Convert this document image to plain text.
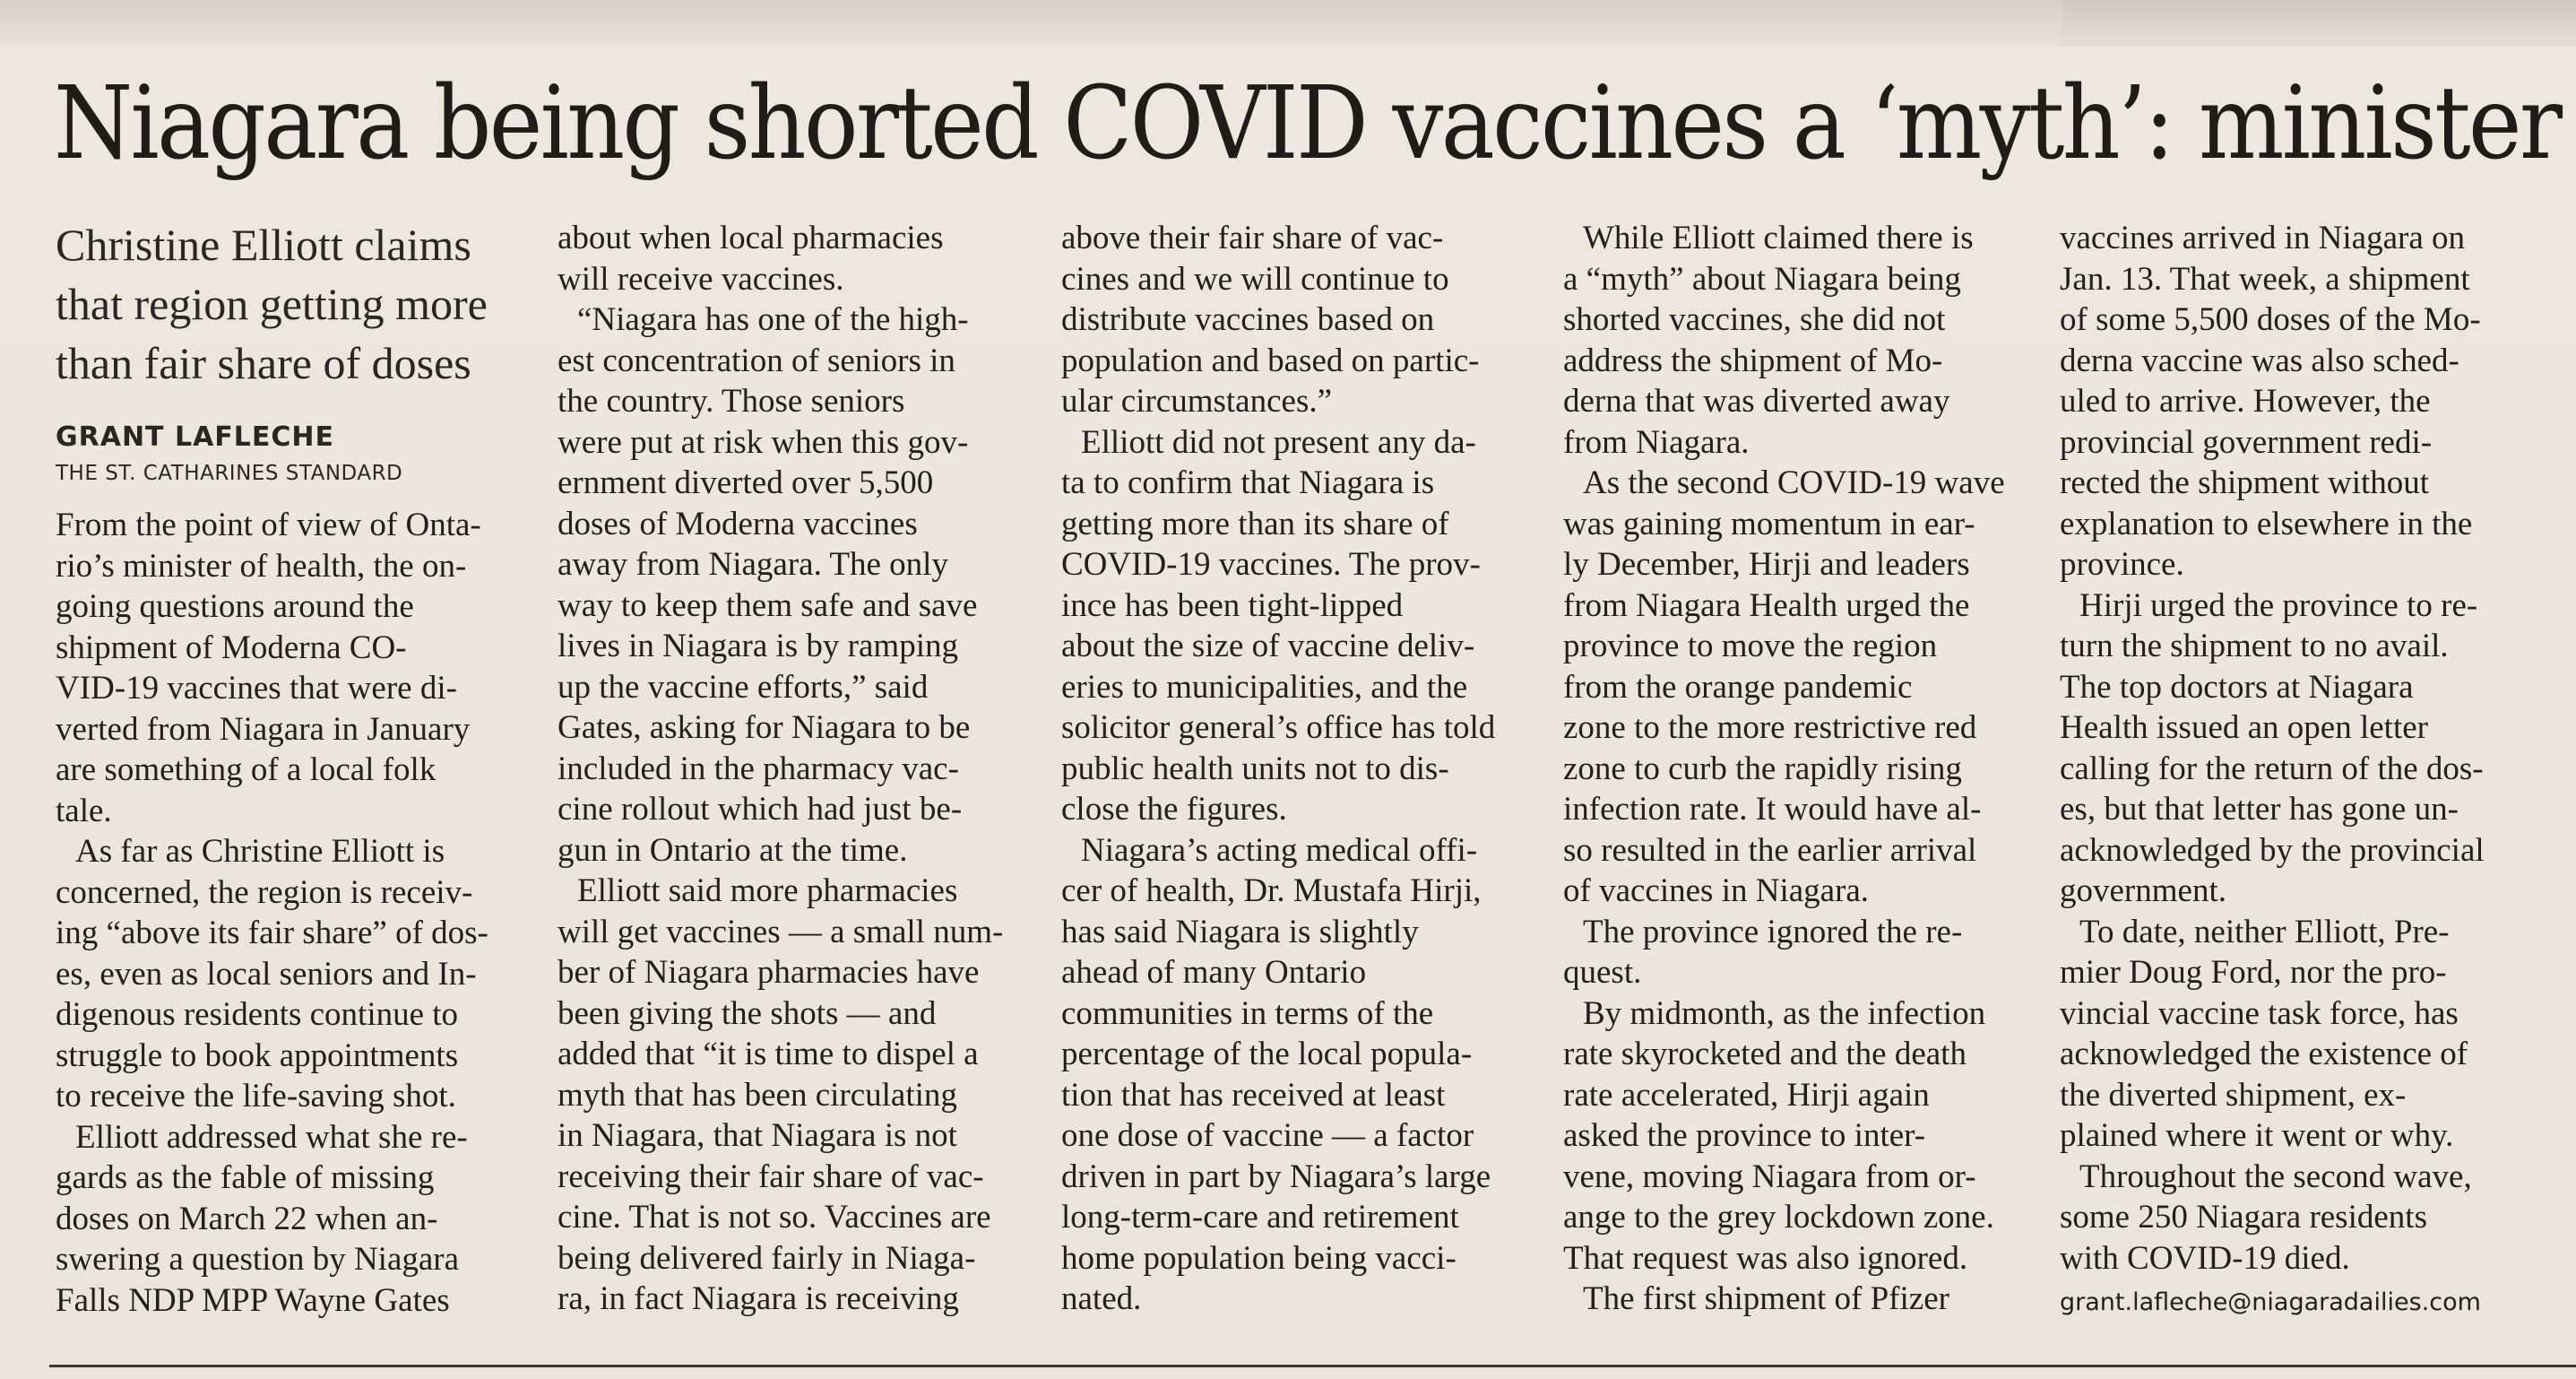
Niagara being shorted COVID vaccines a ‘myth’: minister
Christine Elliott claims
that region getting more
than fair share of doses
GRANT LAFLECHE
THE ST. CATHARINES STANDARD
From the point of view of Onta-
rio’s minister of health, the on-
going questions around the
shipment of Moderna CO-
VID-19 vaccines that were di-
verted from Niagara in January
are something of a local folk
tale.
As far as Christine Elliott is
concerned, the region is receiv-
ing “above its fair share” of dos-
es, even as local seniors and In-
digenous residents continue to
struggle to book appointments
to receive the life-saving shot.
Elliott addressed what she re-
gards as the fable of missing
doses on March 22 when an-
swering a question by Niagara
Falls NDP MPP Wayne Gates
about when local pharmacies
will receive vaccines.
“Niagara has one of the high-
est concentration of seniors in
the country. Those seniors
were put at risk when this gov-
ernment diverted over 5,500
doses of Moderna vaccines
away from Niagara. The only
way to keep them safe and save
lives in Niagara is by ramping
up the vaccine efforts,” said
Gates, asking for Niagara to be
included in the pharmacy vac-
cine rollout which had just be-
gun in Ontario at the time.
Elliott said more pharmacies
will get vaccines — a small num-
ber of Niagara pharmacies have
been giving the shots — and
added that “it is time to dispel a
myth that has been circulating
in Niagara, that Niagara is not
receiving their fair share of vac-
cine. That is not so. Vaccines are
being delivered fairly in Niaga-
ra, in fact Niagara is receiving
above their fair share of vac-
cines and we will continue to
distribute vaccines based on
population and based on partic-
ular circumstances.”
Elliott did not present any da-
ta to confirm that Niagara is
getting more than its share of
COVID-19 vaccines. The prov-
ince has been tight-lipped
about the size of vaccine deliv-
eries to municipalities, and the
solicitor general’s office has told
public health units not to dis-
close the figures.
Niagara’s acting medical offi-
cer of health, Dr. Mustafa Hirji,
has said Niagara is slightly
ahead of many Ontario
communities in terms of the
percentage of the local popula-
tion that has received at least
one dose of vaccine — a factor
driven in part by Niagara’s large
long-term-care and retirement
home population being vacci-
nated.
While Elliott claimed there is
a “myth” about Niagara being
shorted vaccines, she did not
address the shipment of Mo-
derna that was diverted away
from Niagara.
As the second COVID-19 wave
was gaining momentum in ear-
ly December, Hirji and leaders
from Niagara Health urged the
province to move the region
from the orange pandemic
zone to the more restrictive red
zone to curb the rapidly rising
infection rate. It would have al-
so resulted in the earlier arrival
of vaccines in Niagara.
The province ignored the re-
quest.
By midmonth, as the infection
rate skyrocketed and the death
rate accelerated, Hirji again
asked the province to inter-
vene, moving Niagara from or-
ange to the grey lockdown zone.
That request was also ignored.
The first shipment of Pfizer
vaccines arrived in Niagara on
Jan. 13. That week, a shipment
of some 5,500 doses of the Mo-
derna vaccine was also sched-
uled to arrive. However, the
provincial government redi-
rected the shipment without
explanation to elsewhere in the
province.
Hirji urged the province to re-
turn the shipment to no avail.
The top doctors at Niagara
Health issued an open letter
calling for the return of the dos-
es, but that letter has gone un-
acknowledged by the provincial
government.
To date, neither Elliott, Pre-
mier Doug Ford, nor the pro-
vincial vaccine task force, has
acknowledged the existence of
the diverted shipment, ex-
plained where it went or why.
Throughout the second wave,
some 250 Niagara residents
with COVID-19 died.
grant.lafleche@niagaradailies.com
